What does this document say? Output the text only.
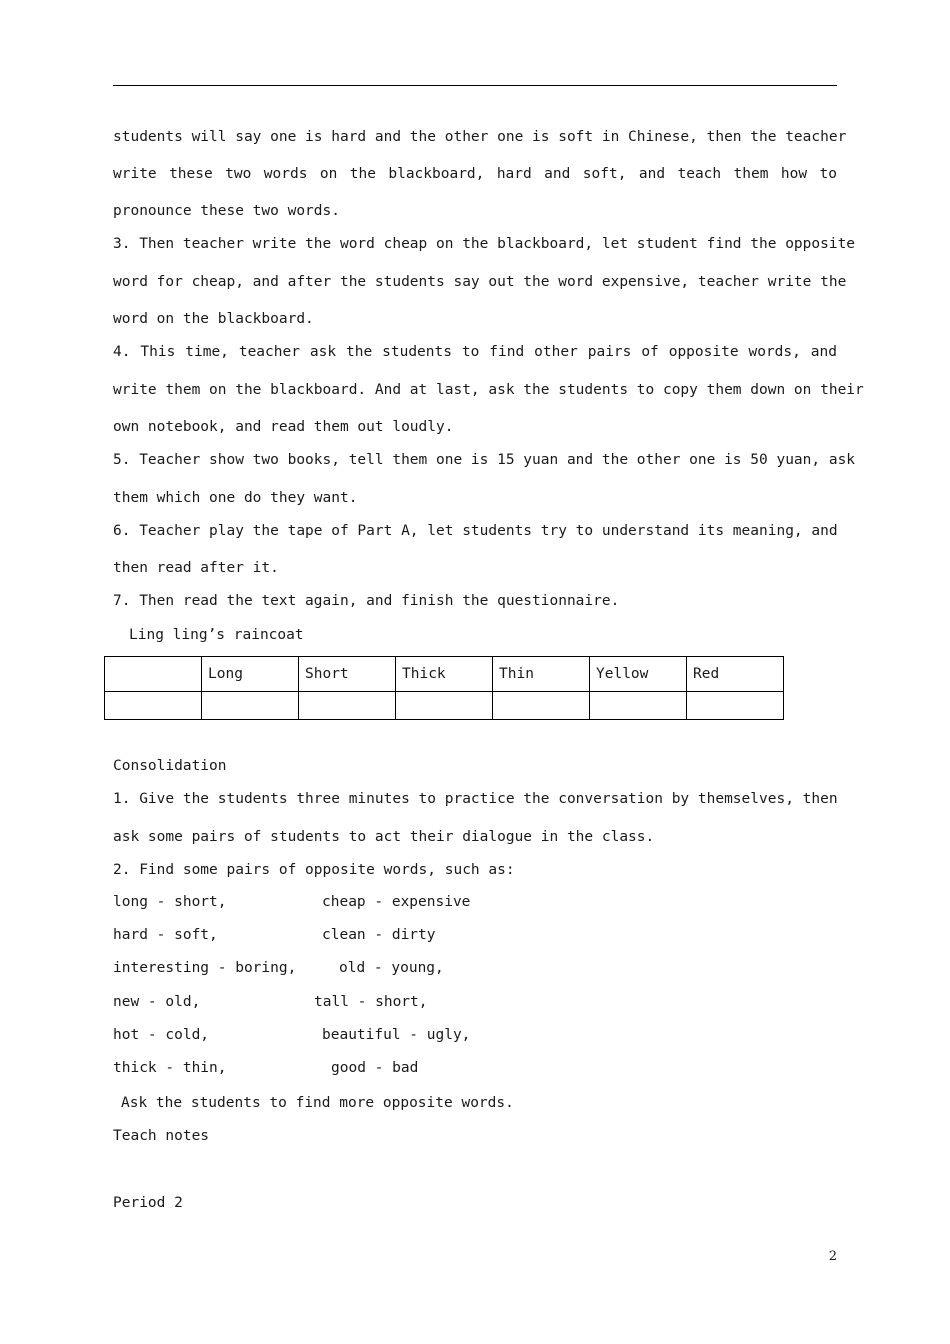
students will say one is hard and the other one is soft in Chinese, then the teacher
write these two words on the blackboard, hard and soft, and teach them how to
pronounce these two words.
3. Then teacher write the word cheap on the blackboard, let student find the opposite
word for cheap, and after the students say out the word expensive, teacher write the
word on the blackboard.
4. This time, teacher ask the students to find other pairs of opposite words, and
write them on the blackboard. And at last, ask the students to copy them down on their
own notebook, and read them out loudly.
5. Teacher show two books, tell them one is 15 yuan and the other one is 50 yuan, ask
them which one do they want.
6. Teacher play the tape of Part A, let students try to understand its meaning, and
then read after it.
7. Then read the text again, and finish the questionnaire.
Ling ling’s raincoat
	Long	Short	Thick	Thin	Yellow	Red

Consolidation
1. Give the students three minutes to practice the conversation by themselves, then
ask some pairs of students to act their dialogue in the class.
2. Find some pairs of opposite words, such as:
long - short,	cheap - expensive
hard - soft,	clean - dirty
interesting - boring,	old - young,
new - old,	tall - short,
hot - cold,	beautiful - ugly,
thick - thin,	good - bad
Ask the students to find more opposite words.
Teach notes
Period 2
2
